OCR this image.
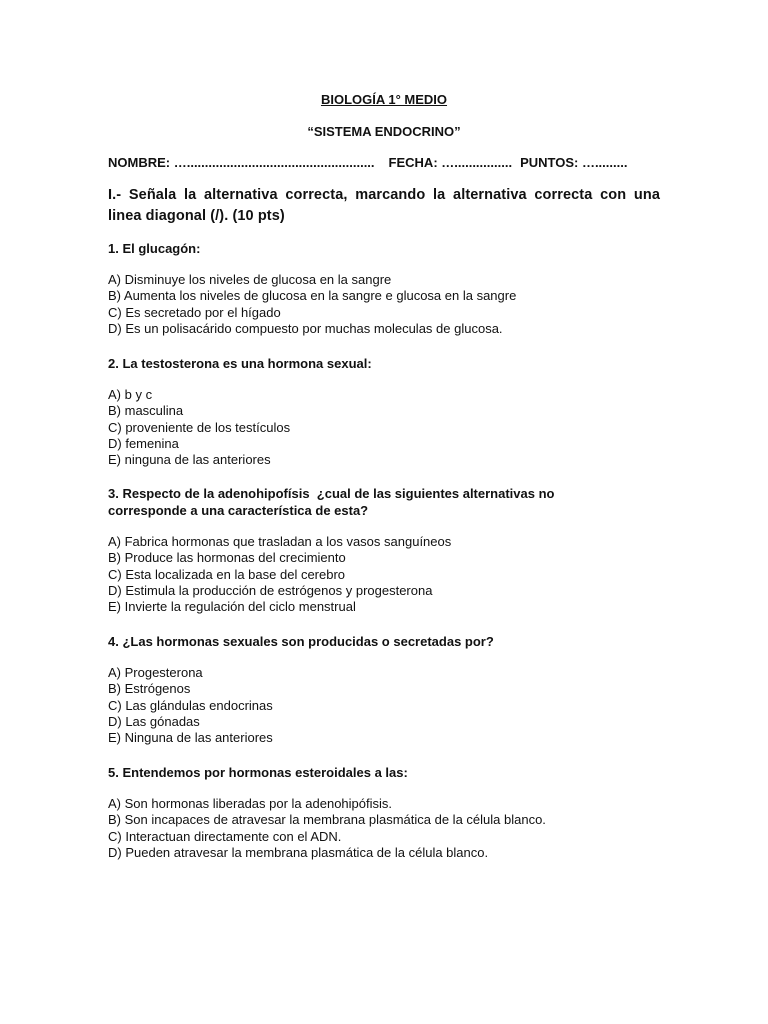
BIOLOGÍA 1° MEDIO
“SISTEMA ENDOCRINO”
NOMBRE: ….................................................... FECHA: …................ PUNTOS: ….........
I.- Señala la alternativa correcta, marcando la alternativa correcta con una linea diagonal (/). (10 pts)
1. El glucagón:
A) Disminuye los niveles de glucosa en la sangre
B) Aumenta los niveles de glucosa en la sangre e glucosa en la sangre
C) Es secretado por el hígado
D) Es un polisacárido compuesto por muchas moleculas de glucosa.
2. La testosterona es una hormona sexual:
A) b y c
B) masculina
C) proveniente de los testículos
D) femenina
E) ninguna de las anteriores
3. Respecto de la adenohipofísis  ¿cual de las siguientes alternativas no
corresponde a una característica de esta?
A) Fabrica hormonas que trasladan a los vasos sanguíneos
B) Produce las hormonas del crecimiento
C) Esta localizada en la base del cerebro
D) Estimula la producción de estrógenos y progesterona
E) Invierte la regulación del ciclo menstrual
4. ¿Las hormonas sexuales son producidas o secretadas por?
A) Progesterona
B) Estrógenos
C) Las glándulas endocrinas
D) Las gónadas
E) Ninguna de las anteriores
5. Entendemos por hormonas esteroidales a las:
A) Son hormonas liberadas por la adenohipófisis.
B) Son incapaces de atravesar la membrana plasmática de la célula blanco.
C) Interactuan directamente con el ADN.
D) Pueden atravesar la membrana plasmática de la célula blanco.
